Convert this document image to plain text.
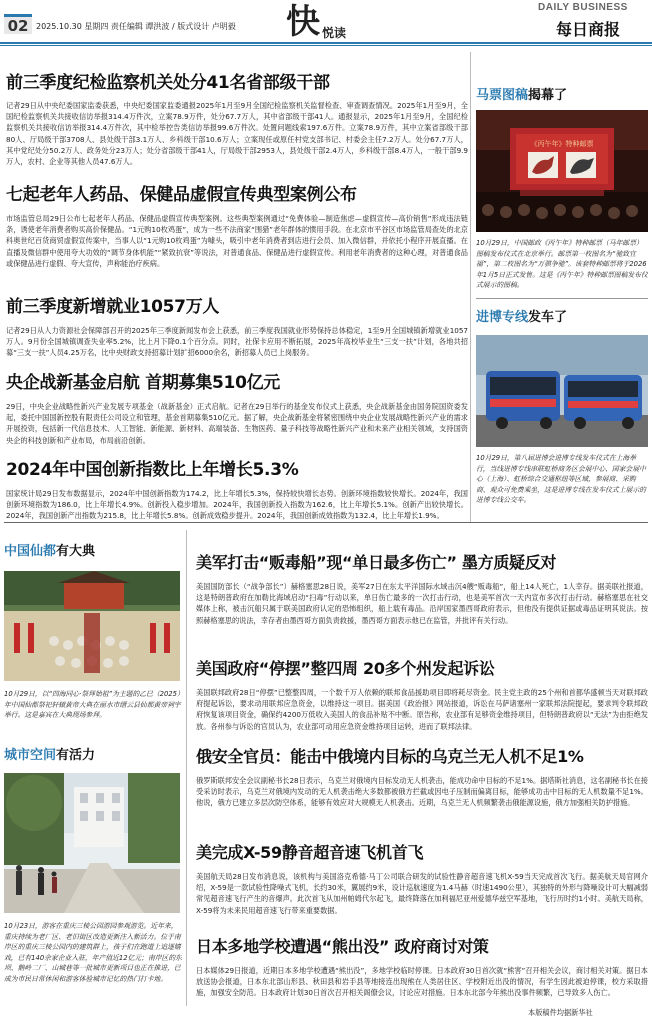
02 2025.10.30 星期四 责任编辑 谭洪波 / 版式设计 卢明毅 快 悦读
DAILY BUSINESS
每日商报
前三季度纪检监察机关处分41名省部级干部
记者29日从中央纪委国家监委获悉，中央纪委国家监委通报2025年1月至9月全国纪检监察机关监督检查、审查调查情况。2025年1月至9月，全国纪检监察机关共接收信访举报314.4万件次，立案78.9万件，处分67.7万人，其中省部级干部41人。通报显示，2025年1月至9月，全国纪检监察机关共接收信访举报314.4万件次，其中检举控告类信访举报99.6万件次。处置问题线索197.6万件。立案78.9万件，其中立案省部级干部80人、厅局级干部3708人、县处级干部3.1万人、乡科级干部10.6万人；立案现任或原任村党支部书记、村委会主任7.2万人。处分67.7万人，其中党纪处分50.2万人、政务处分23万人；处分省部级干部41人，厅局级干部2953人，县处级干部2.4万人，乡科级干部8.4万人，一般干部9.9万人，农村、企业等其他人员47.6万人。
七起老年人药品、保健品虚假宣传典型案例公布
市场监管总局29日公布七起老年人药品、保健品虚假宣传典型案例。这些典型案例通过“免费体验—制造焦虑—虚假宣传—高价销售”形成违法链条，诱使老年消费者购买高价保健品。“1元购10枚鸡蛋”，成为一些不法商家“围猎”老年群体的惯用手段。在北京市平谷区市场监管局查处的北京科奥世纪百货商贸虚假宣传案中，当事人以“1元购10枚鸡蛋”为噱头，吸引中老年消费者到店进行会员、加入微信群，并依托小程序开展直播。在直播及微信群中使用夸大功效的“调节身体机能”“紧致抗衰”等说法，对普通食品、保健品进行虚假宣传。利用老年消费者的这种心理，对普通食品或保健品进行虚假、夸大宣传，声称能治疗疾病。
前三季度新增就业1057万人
记者29日从人力资源社会保障部召开的2025年三季度新闻发布会上获悉，前三季度我国就业形势保持总体稳定，1至9月全国城镇新增就业1057万人。9月份全国城镇调查失业率5.2%，比上月下降0.1个百分点。同时，社保卡应用不断拓展，2025年高校毕业生“三支一扶”计划，各地共招募“三支一扶”人员4.25万名，比中央财政支持招募计划扩招6000余名，新招募人员已上岗服务。
央企战新基金启航 首期募集510亿元
29日，中央企业战略性新兴产业发展专项基金（战新基金）正式启航。记者在29日举行的基金发布仪式上获悉，央企战新基金由国务院国资委发起，委托中国国新控股有限责任公司设立和管理，基金首期募集510亿元。据了解，央企战新基金将紧密围绕中央企业发展战略性新兴产业的需求开展投资，包括新一代信息技术、人工智能、新能源、新材料、高端装备、生物医药、量子科技等战略性新兴产业和未来产业相关领域，支持国资央企的科技创新和产业布局，布局前沿创新。
2024年中国创新指数比上年增长5.3%
国家统计局29日发布数据显示，2024年中国创新指数为174.2，比上年增长5.3%，保持较快增长态势。创新环境指数较快增长。2024年，我国创新环境指数为186.0，比上年增长4.9%。创新投入稳步增加。2024年，我国创新投入指数为162.6，比上年增长5.1%。创新产出较快增长。2024年，我国创新产出指数为215.8，比上年增长5.8%。创新成效稳步提升。2024年，我国创新成效指数为132.4，比上年增长1.9%。
马票图稿揭幕了
《丙午年》特种邮票
10月29日，中国邮政《丙午年》特种邮票（马年邮票）图稿发布仪式在北京举行。邮票第一枚图名为“驰致宜福”，第二枚图名为“万骐争驰”。该套特种邮票将于2026年1月5日正式发售。这是《丙午年》特种邮票图稿发布仪式展示的图稿。
进博专线发车了
10月29日，第八届进博会进博专线发车仪式在上海举行，当线进博专线串联虹桥商务区会展中心、国家会展中心（上海）、虹桥综合交通枢纽等区域，参展商、采购商、观众可免费乘坐，这是进博专线在发车仪式上展示的进博专线公交车。
中国仙都有大典
10月29日，以“四海同心·祭拜始祖”为主题的乙巳（2025）年中国仙都祭祀轩辕黄帝大典在丽水市缙云县仙都黄帝祠宇举行。这是嘉宾在大典现场参拜。
城市空间有活力
10月23日，游客在重庆三棱公园游园参观游览。近年来，重庆持续为老厂区、老旧街区改造更新注入新活力。位于南岸区的重庆三棱公园内的建筑群上，孩子们在跑道上追逐嬉戏，已有140余家企业入驻，年产值近12亿元；南岸区的东坝、鹅岭二厂、山城巷等一批城市更新项目也正在推进，已成为市民日常休闲和游客体验城市记忆的热门打卡地。
美军打击“贩毒船”现“单日最多伤亡” 墨方质疑反对
美国国防部长（“战争部长”）赫格塞思28日说，美军27日在东太平洋国际水域击沉4艘“贩毒船”，船上14人死亡，1人幸存。据美联社报道，这是特朗普政府在加勒比海域启动“扫毒”行动以来，单日伤亡最多的一次打击行动，也是美军首次一天内宣布多次打击行动。赫格塞思在社交媒体上称，被击沉船只属于联美国政府认定的恐怖组织，船上载有毒品。沿岸国家墨西哥政府表示，但他没有提供证据或毒品证明其说法。按照赫格塞思的说法，幸存者由墨西哥方面负责救援，墨西哥方面表示他已在监管，并批评有关行动。
美国政府“停摆”整四周 20多个州发起诉讼
美国联邦政府28日“停摆”已整整四周，一个数千万人依赖的联邦食品援助项目即将耗尽资金。民主党主政的25个州和首都华盛顿当天对联邦政府提起诉讼，要求动用联邦应急资金，以维持这一项目。据美国《政治报》网站报道，诉讼在马萨诸塞州一家联邦法院提起，要求判令联邦政府恢复该项目资金，确保约4200万低收入美国人的食品补贴不中断。原告称，农业部有足够资金维持项目，但特朗普政府以“无法”为由拒绝发放。各州参与诉讼的官员认为，农业部可动用应急资金维持项目运转，进而了联邦法律。
俄安全官员：能击中俄境内目标的乌克兰无人机不足1%
俄罗斯联邦安全会议副秘书长28日表示，乌克兰对俄境内目标发动无人机袭击，能成功命中目标的不足1%。据塔斯社消息，这名副秘书长在接受采访时表示，乌克兰对俄境内发动的无人机袭击绝大多数都被俄方拦截或因电子压制而偏离目标，能够成功击中目标的无人机数量不足1%。他说，俄方已建立多层次防空体系，能够有效应对大规模无人机袭击。近期，乌克兰无人机频繁袭击俄能源设施，俄方加强相关防护措施。
美完成X-59静音超音速飞机首飞
美国航天局28日发布消息说，该机构与美国洛克希德·马丁公司联合研发的试验性静音超音速飞机X-59当天完成首次飞行。据美航天局官网介绍，X-59是一款试验性降噪式飞机，长约30米，翼展约9米，设计巡航速度为1.4马赫（时速1490公里），其独特的外形与降噪设计可大幅减弱常见超音速飞行产生的音爆声。此次首飞从加州帕姆代尔起飞，最终降落在加利福尼亚州爱德华兹空军基地，飞行历时约1小时。美航天局称，X-59将为未来民用超音速飞行带来重要数据。
日本多地学校遭遇“熊出没” 政府商讨对策
日本媒体29日报道，近期日本多地学校遭遇“熊出没”，多地学校临时停课。日本政府30日首次就“熊害”召开相关会议，商讨相关对策。据日本放送协会报道，日本东北部山形县、秋田县和岩手县等地接连出现熊在人类居住区、学校附近出没的情况，有学生因此被迫停课，校方采取措施，加强安全防范。日本政府计划30日首次召开相关阁僚会议，讨论应对措施。日本东北部今年熊出没事件频繁，已导致多人伤亡。
本版稿件均据新华社
